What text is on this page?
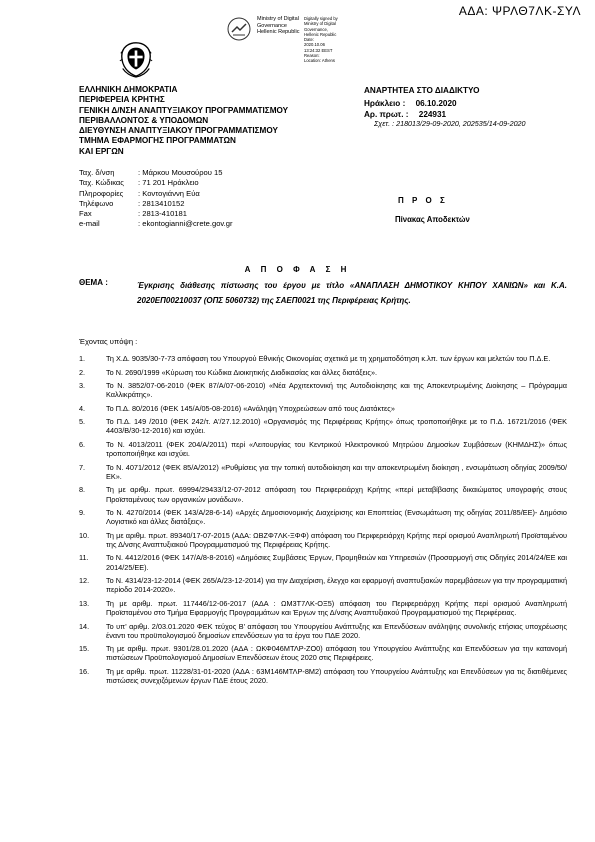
ΑΔΑ: ΨΡΛΘ7ΛΚ-ΣΥΛ
Ministry of Digital
Governance
Hellenic Republic
Digitally signed by
Ministry of Digital
Governance,
Hellenic Republic
Date:
2020.10.06
13:24:32 EEST
Reason:
Location: Athens
ΕΛΛΗΝΙΚΗ ΔΗΜΟΚΡΑΤΙΑ
ΠΕΡΙΦΕΡΕΙΑ ΚΡΗΤΗΣ
ΓΕΝΙΚΗ Δ/ΝΣΗ ΑΝΑΠΤΥΞΙΑΚΟΥ ΠΡΟΓΡΑΜΜΑΤΙΣΜΟΥ
ΠΕΡΙΒΑΛΛΟΝΤΟΣ & ΥΠΟΔΟΜΩΝ
ΔΙΕΥΘΥΝΣΗ ΑΝΑΠΤΥΞΙΑΚΟΥ ΠΡΟΓΡΑΜΜΑΤΙΣΜΟΥ
ΤΜΗΜΑ ΕΦΑΡΜΟΓΗΣ ΠΡΟΓΡΑΜΜΑΤΩΝ
ΚΑΙ ΕΡΓΩΝ
ΑΝΑΡΤΗΤΕΑ ΣΤΟ ΔΙΑΔΙΚΤΥΟ
Ηράκλειο : 06.10.2020
Αρ. πρωτ. : 224931
Σχετ. : 218013/29-09-2020, 202535/14-09-2020
Ταχ. δ/νση	: Μάρκου Μουσούρου 15
Ταχ. Κώδικας	: 71 201 Ηράκλειο
Πληροφορίες	: Κοντογιάννη Εύα
Τηλέφωνο	: 2813410152
Fax	: 2813-410181
e-mail	: ekontogianni@crete.gov.gr
Π Ρ Ο Σ
Πίνακας Αποδεκτών
Α Π Ο Φ Α Σ Η
ΘΕΜΑ :	Έγκρισης διάθεσης πίστωσης του έργου με τίτλο «ΑΝΑΠΛΑΣΗ ΔΗΜΟΤΙΚΟΥ ΚΗΠΟΥ ΧΑΝΙΩΝ» και Κ.Α. 2020ΕΠ00210037 (ΟΠΣ 5060732) της ΣΑΕΠ0021 της Περιφέρειας Κρήτης.
Έχοντας υπόψη :
1.	Τη Χ.Δ. 9035/30-7-73 απόφαση του Υπουργού Εθνικής Οικονομίας σχετικά με τη χρηματοδότηση κ.λπ. των έργων και μελετών του Π.Δ.Ε.
2.	Το Ν. 2690/1999 «Κύρωση του Κώδικα Διοικητικής Διαδικασίας και άλλες διατάξεις».
3.	Το Ν. 3852/07-06-2010 (ΦΕΚ 87/Α/07-06-2010) «Νέα Αρχιτεκτονική της Αυτοδιοίκησης και της Αποκεντρωμένης Διοίκησης – Πρόγραμμα Καλλικράτης».
4.	Το Π.Δ. 80/2016 (ΦΕΚ 145/Α/05-08-2016) «Ανάληψη Υποχρεώσεων από τους Διατάκτες»
5.	Το Π.Δ. 149 /2010 (ΦΕΚ 242/τ. Α'/27.12.2010) «Οργανισμός της Περιφέρειας Κρήτης» όπως τροποποιήθηκε με το Π.Δ. 16721/2016 (ΦΕΚ 4403/Β/30-12-2016) και ισχύει.
6.	Το Ν. 4013/2011 (ΦΕΚ 204/Α/2011) περί «Λειτουργίας του Κεντρικού Ηλεκτρονικού Μητρώου Δημοσίων Συμβάσεων (ΚΗΜΔΗΣ)» όπως τροποποιήθηκε και ισχύει.
7.	Το Ν. 4071/2012 (ΦΕΚ 85/Α/2012) «Ρυθμίσεις για την τοπική αυτοδιοίκηση και την αποκεντρωμένη διοίκηση , ενσωμάτωση οδηγίας 2009/50/ΕΚ».
8.	Τη με αριθμ. πρωτ. 69994/29433/12-07-2012 απόφαση του Περιφερειάρχη Κρήτης «περί μεταβίβασης δικαιώματος υπογραφής στους Προϊσταμένους των οργανικών μονάδων».
9.	Το Ν. 4270/2014 (ΦΕΚ 143/Α/28-6-14) «Αρχές Δημοσιονομικής Διαχείρισης και Εποπτείας (Ενσωμάτωση της οδηγίας 2011/85/ΕΕ)- Δημόσιο Λογιστικό και άλλες διατάξεις».
10. Τη με αριθμ. πρωτ. 89340/17-07-2015 (ΑΔΑ: ΩΒΖΦ7ΛΚ-ΞΦΦ) απόφαση του Περιφερειάρχη Κρήτης περί ορισμού Αναπληρωτή Προϊσταμένου της Δ/νσης Αναπτυξιακού Προγραμματισμού της Περιφέρειας Κρήτης.
11. Το Ν. 4412/2016 (ΦΕΚ 147/Α/8-8-2016) «Δημόσιες Συμβάσεις Έργων, Προμηθειών και Υπηρεσιών (Προσαρμογή στις Οδηγίες 2014/24/ΕΕ και 2014/25/ΕΕ).
12. Το Ν. 4314/23-12-2014 (ΦΕΚ 265/Α/23-12-2014) για την Διαχείριση, έλεγχο και εφαρμογή αναπτυξιακών παρεμβάσεων για την προγραμματική περίοδο 2014-2020».
13. Τη με αριθμ. πρωτ. 117446/12-06-2017 (ΑΔΑ : ΩΜ3Τ7ΛΚ-ΟΞ5) απόφαση του Περιφερειάρχη Κρήτης περί ορισμού Αναπληρωτή Προϊσταμένου στο Τμήμα Εφαρμογής Προγραμμάτων και Έργων της Δ/νσης Αναπτυξιακού Προγραμματισμού της Περιφέρειας.
14. Το υπ' αριθμ. 2/03.01.2020 ΦΕΚ τεύχος Β' απόφαση του Υπουργείου Ανάπτυξης και Επενδύσεων ανάληψης συνολικής ετήσιας υποχρέωσης έναντι του προϋπολογισμού δημοσίων επενδύσεων για τα έργα του ΠΔΕ 2020.
15. Τη με αριθμ. πρωτ. 9301/28.01.2020 (ΑΔΑ : ΩΚΦ046ΜΤΛΡ-ΖΟ0) απόφαση του Υπουργείου Ανάπτυξης και Επενδύσεων για την κατανομή πιστώσεων Προϋπολογισμού Δημοσίων Επενδύσεων έτους 2020 στις Περιφέρειες.
16. Τη με αριθμ. πρωτ. 11228/31-01-2020 (ΑΔΑ : 63Μ146ΜΤΛΡ-8Μ2) απόφαση του Υπουργείου Ανάπτυξης και Επενδύσεων για τις διατιθέμενες πιστώσεις συνεχιζόμενων έργων ΠΔΕ έτους 2020.
